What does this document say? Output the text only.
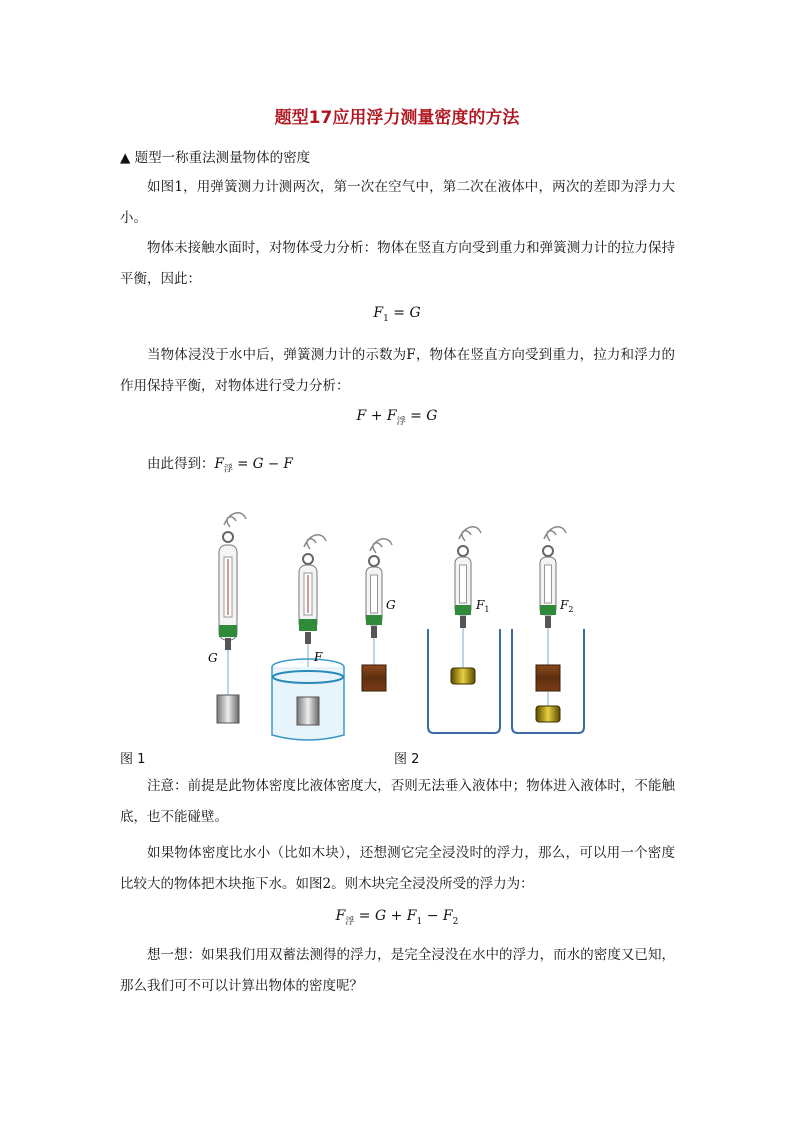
题型17应用浮力测量密度的方法
▲ 题型一称重法测量物体的密度
如图1，用弹簧测力计测两次，第一次在空气中，第二次在液体中，两次的差即为浮力大小。
物体未接触水面时，对物体受力分析：物体在竖直方向受到重力和弹簧测力计的拉力保持平衡，因此：
$F_1 = G$
当物体浸没于水中后，弹簧测力计的示数为F，物体在竖直方向受到重力，拉力和浮力的作用保持平衡，对物体进行受力分析：
$F + F_浮 = G$
由此得到：$F_浮 = G - F$
G	F
G	$F_1$	$F_2$
图 1	图 2
注意：前提是此物体密度比液体密度大，否则无法垂入液体中；物体进入液体时，不能触底，也不能碰壁。
如果物体密度比水小（比如木块），还想测它完全浸没时的浮力，那么，可以用一个密度比较大的物体把木块拖下水。如图2。则木块完全浸没所受的浮力为：
$F_浮 = G + F_1 - F_2$
想一想：如果我们用双蓄法测得的浮力，是完全浸没在水中的浮力，而水的密度又已知，那么我们可不可以计算出物体的密度呢？
